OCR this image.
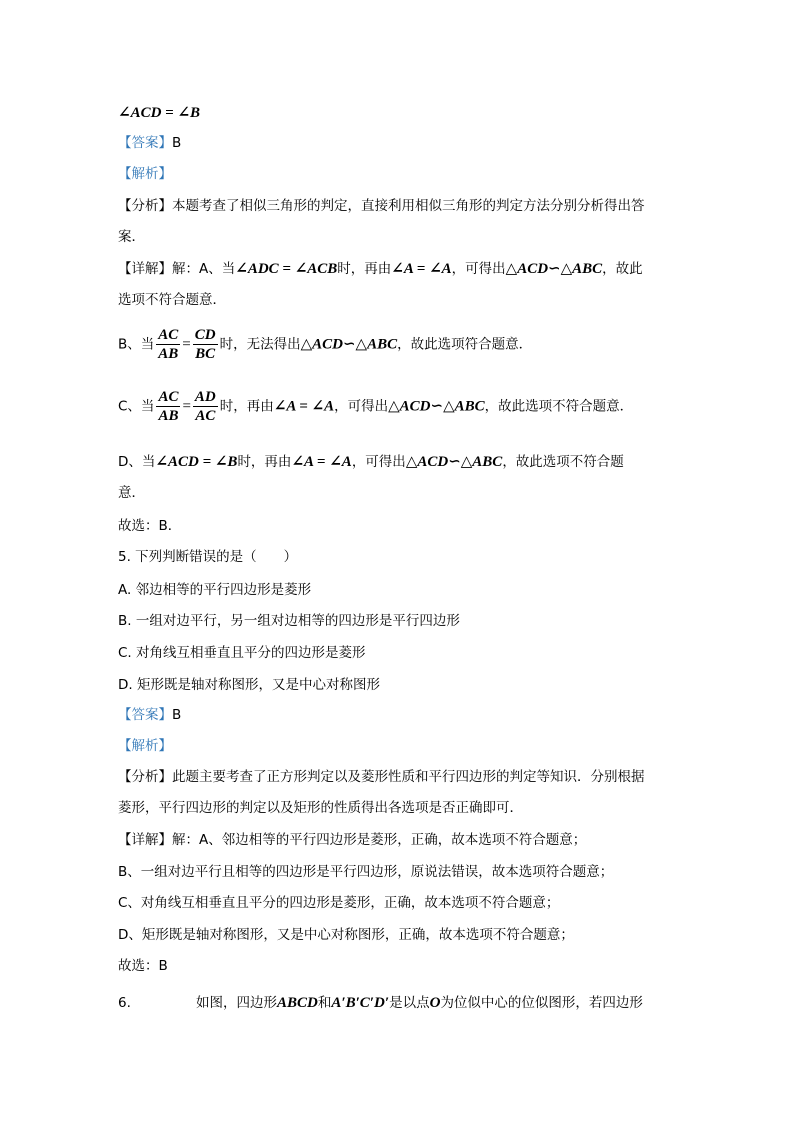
∠ACD = ∠B
【答案】B
【解析】
【分析】本题考查了相似三角形的判定，直接利用相似三角形的判定方法分别分析得出答
案．
【详解】解：A、当∠ADC = ∠ACB时，再由∠A = ∠A，可得出△ACD∽△ABC，故此
选项不符合题意．
B、当 $\frac{AC}{AB} = \frac{CD}{BC}$ 时，无法得出△ACD∽△ABC，故此选项符合题意．
C、当 $\frac{AC}{AB} = \frac{AD}{AC}$ 时，再由∠A = ∠A，可得出△ACD∽△ABC，故此选项不符合题意．
D、当∠ACD = ∠B时，再由∠A = ∠A，可得出△ACD∽△ABC，故此选项不符合题
意．
故选：B．
5. 下列判断错误的是（　　）
A. 邻边相等的平行四边形是菱形
B. 一组对边平行，另一组对边相等的四边形是平行四边形
C. 对角线互相垂直且平分的四边形是菱形
D. 矩形既是轴对称图形，又是中心对称图形
【答案】B
【解析】
【分析】此题主要考查了正方形判定以及菱形性质和平行四边形的判定等知识．分别根据
菱形，平行四边形的判定以及矩形的性质得出各选项是否正确即可．
【详解】解：A、邻边相等的平行四边形是菱形，正确，故本选项不符合题意；
B、一组对边平行且相等的四边形是平行四边形，原说法错误，故本选项符合题意；
C、对角线互相垂直且平分的四边形是菱形，正确，故本选项不符合题意；
D、矩形既是轴对称图形，又是中心对称图形，正确，故本选项不符合题意；
故选：B
6.	如图，四边形ABCD和A′B′C′D′是以点O为位似中心的位似图形，若四边形
